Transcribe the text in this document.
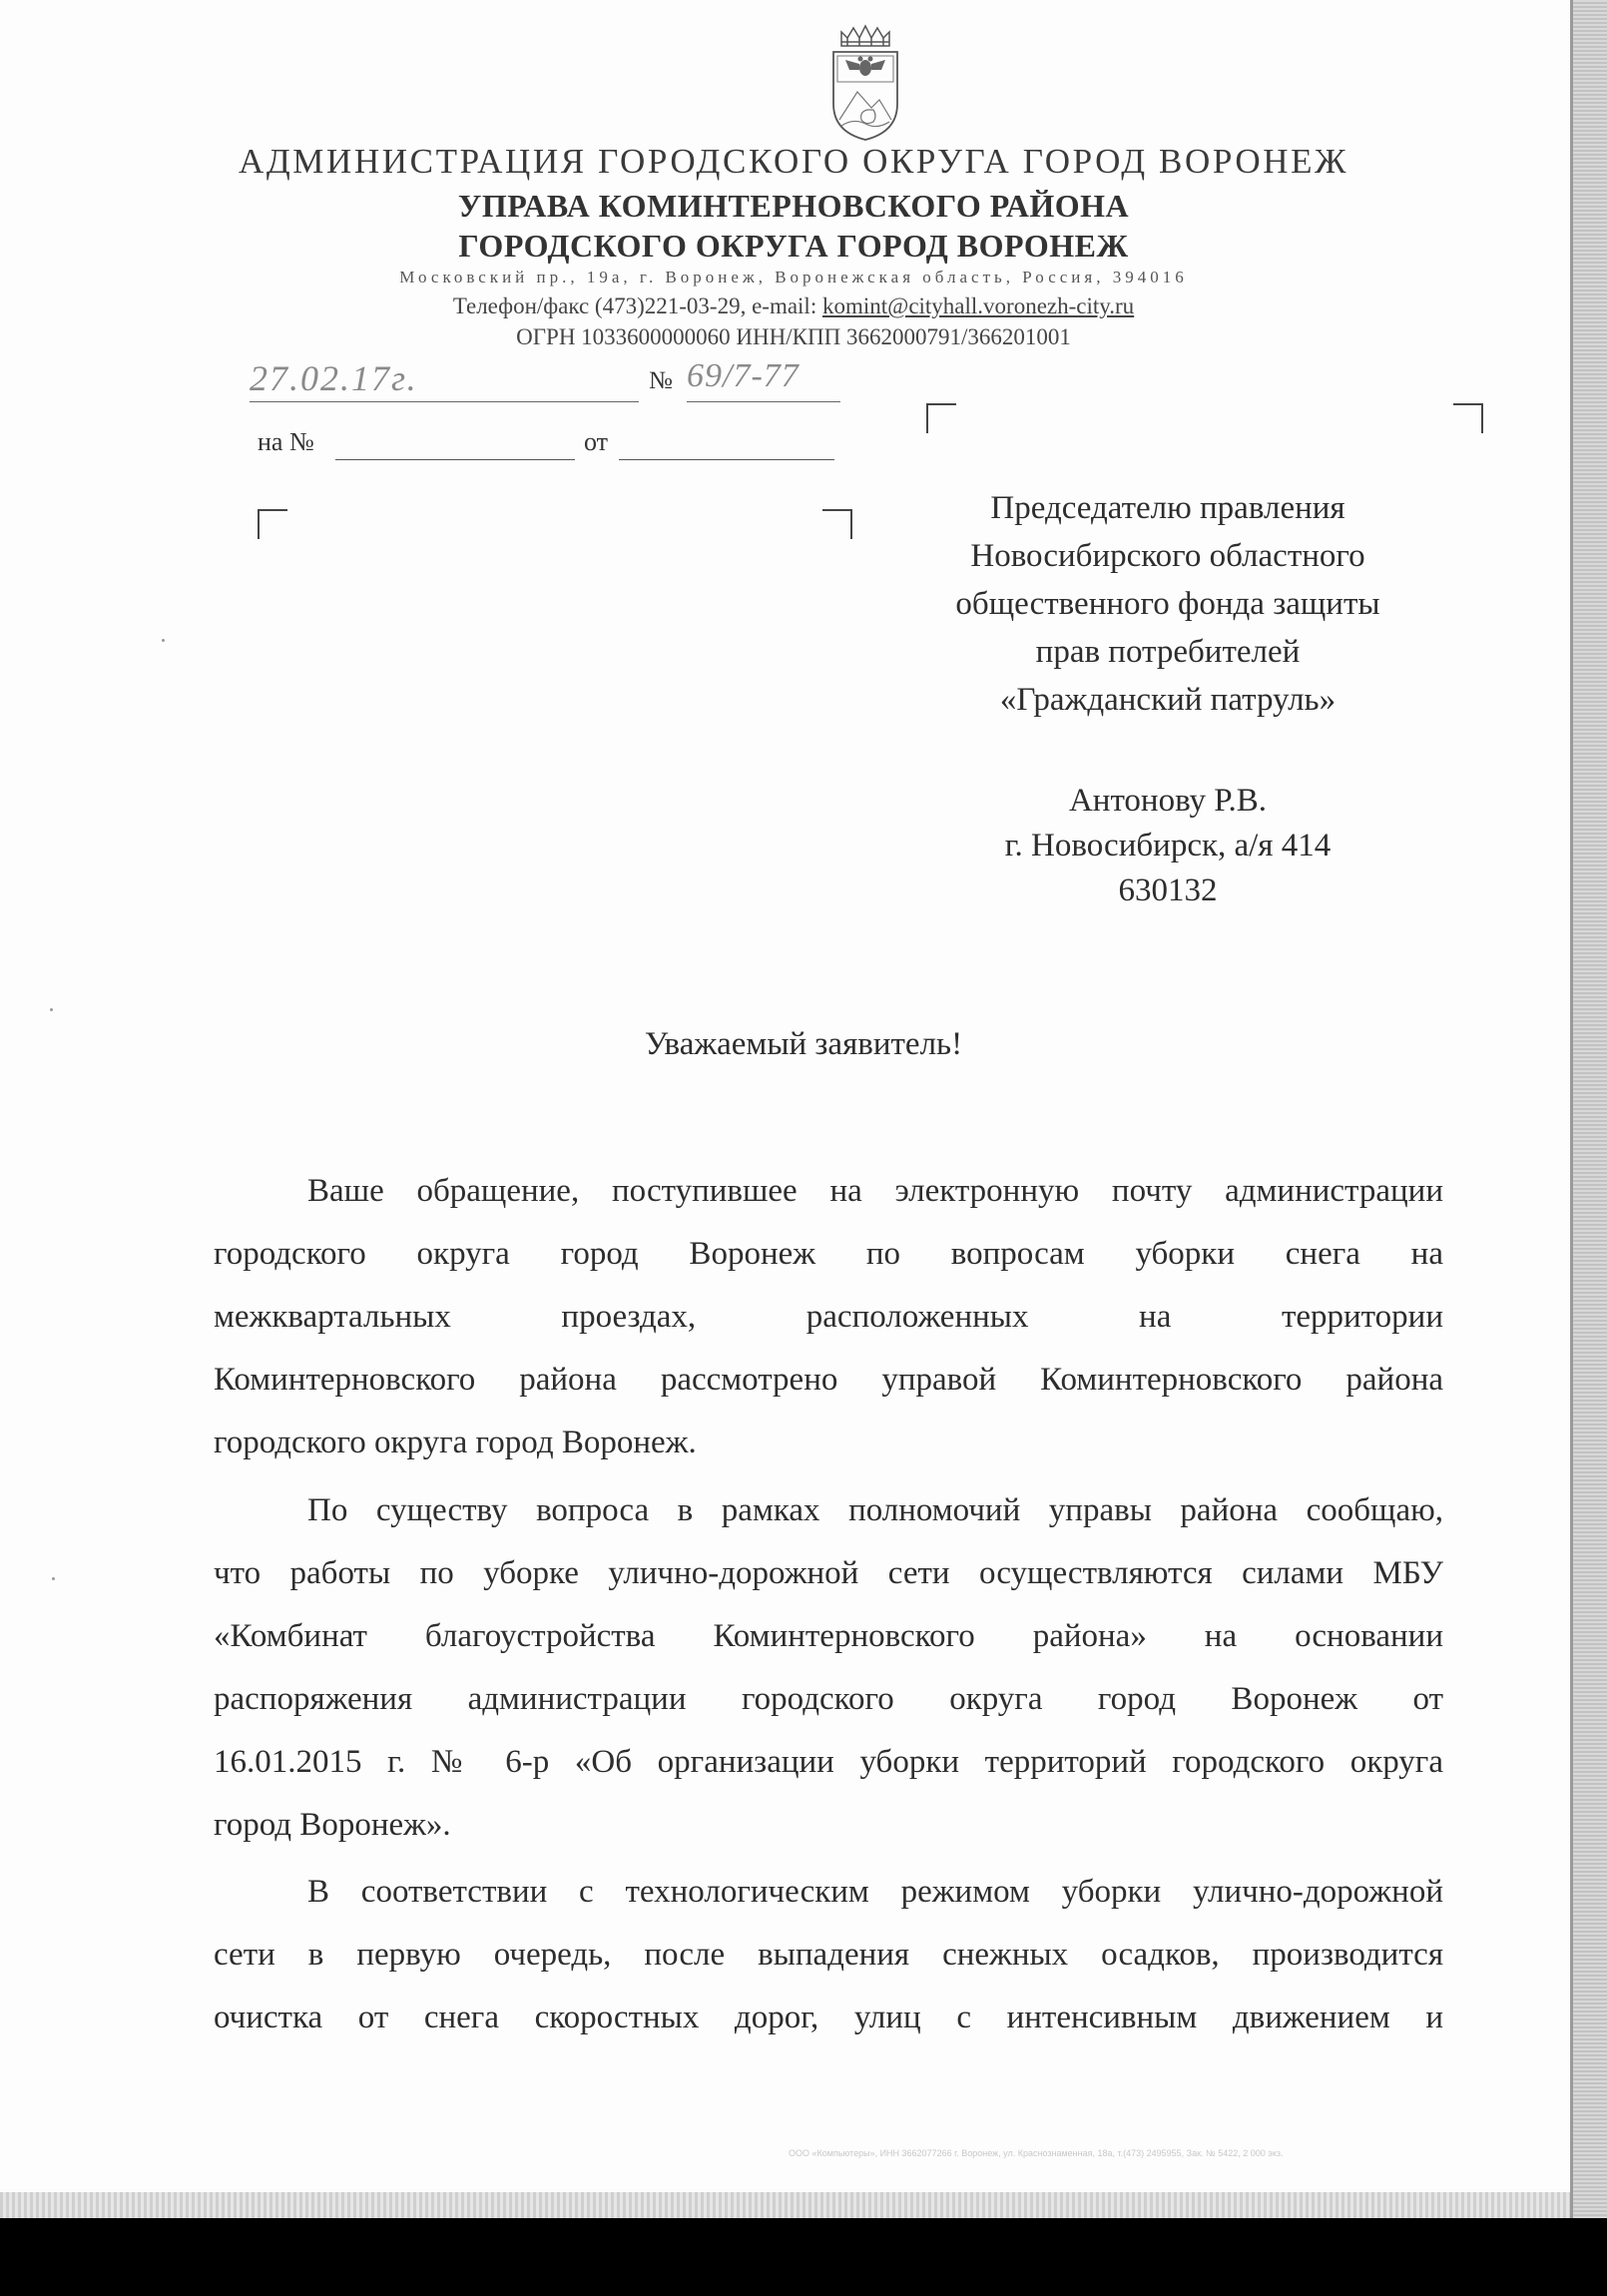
АДМИНИСТРАЦИЯ ГОРОДСКОГО ОКРУГА ГОРОД ВОРОНЕЖ
УПРАВА КОМИНТЕРНОВСКОГО РАЙОНА
ГОРОДСКОГО ОКРУГА ГОРОД ВОРОНЕЖ
Московский пр., 19а, г. Воронеж, Воронежская область, Россия, 394016
Телефон/факс (473)221-03-29, e-mail: komint@cityhall.voronezh-city.ru
ОГРН 1033600000060 ИНН/КПП 3662000791/366201001
27.02.17г.	№ 69/7-77
на №	от
Председателю правления
Новосибирского областного
общественного фонда защиты
прав потребителей
«Гражданский патруль»
Антонову Р.В.
г. Новосибирск, а/я 414
630132
Уважаемый заявитель!
Ваше обращение, поступившее на электронную почту администрации
городского округа город Воронеж по вопросам уборки снега на
межквартальных проездах, расположенных на территории
Коминтерновского района рассмотрено управой Коминтерновского района
городского округа город Воронеж.
По существу вопроса в рамках полномочий управы района сообщаю,
что работы по уборке улично-дорожной сети осуществляются силами МБУ
«Комбинат благоустройства Коминтерновского района» на основании
распоряжения администрации городского округа город Воронеж от
16.01.2015 г. № 6-р «Об организации уборки территорий городского округа
город Воронеж».
В соответствии с технологическим режимом уборки улично-дорожной
сети в первую очередь, после выпадения снежных осадков, производится
очистка от снега скоростных дорог, улиц с интенсивным движением и
ООО «Компьютеры», ИНН 3662077266 г. Воронеж, ул. Краснознаменная, 18а, т.(473) 2495955, Зак. № 5422, 2 000 экз.
